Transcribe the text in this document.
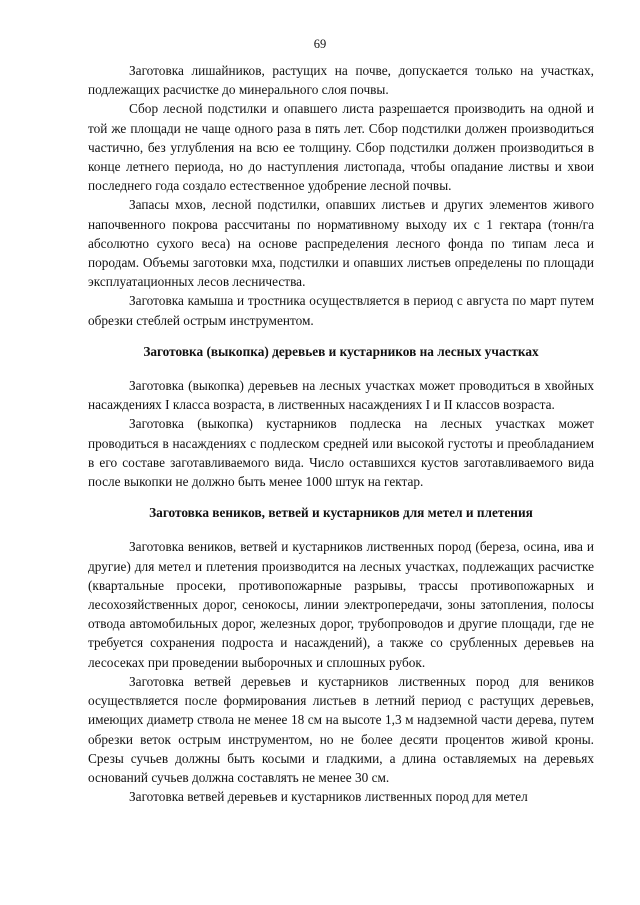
69

Заготовка лишайников, растущих на почве, допускается только на участках, подлежащих расчистке до минерального слоя почвы.

Сбор лесной подстилки и опавшего листа разрешается производить на одной и той же площади не чаще одного раза в пять лет. Сбор подстилки должен производиться частично, без углубления на всю ее толщину. Сбор подстилки должен производиться в конце летнего периода, но до наступления листопада, чтобы опадание листвы и хвои последнего года создало естественное удобрение лесной почвы.

Запасы мхов, лесной подстилки, опавших листьев и других элементов живого напочвенного покрова рассчитаны по нормативному выходу их с 1 гектара (тонн/га абсолютно сухого веса) на основе распределения лесного фонда по типам леса и породам. Объемы заготовки мха, подстилки и опавших листьев определены по площади эксплуатационных лесов лесничества.

Заготовка камыша и тростника осуществляется в период с августа по март путем обрезки стеблей острым инструментом.

Заготовка (выкопка) деревьев и кустарников на лесных участках

Заготовка (выкопка) деревьев на лесных участках может проводиться в хвойных насаждениях I класса возраста, в лиственных насаждениях I и II классов возраста.

Заготовка (выкопка) кустарников подлеска на лесных участках может проводиться в насаждениях с подлеском средней или высокой густоты и преобладанием в его составе заготавливаемого вида. Число оставшихся кустов заготавливаемого вида после выкопки не должно быть менее 1000 штук на гектар.

Заготовка веников, ветвей и кустарников для метел и плетения

Заготовка веников, ветвей и кустарников лиственных пород (береза, осина, ива и другие) для метел и плетения производится на лесных участках, подлежащих расчистке (квартальные просеки, противопожарные разрывы, трассы противопожарных и лесохозяйственных дорог, сенокосы, линии электропередачи, зоны затопления, полосы отвода автомобильных дорог, железных дорог, трубопроводов и другие площади, где не требуется сохранения подроста и насаждений), а также со срубленных деревьев на лесосеках при проведении выборочных и сплошных рубок.

Заготовка ветвей деревьев и кустарников лиственных пород для веников осуществляется после формирования листьев в летний период с растущих деревьев, имеющих диаметр ствола не менее 18 см на высоте 1,3 м надземной части дерева, путем обрезки веток острым инструментом, но не более десяти процентов живой кроны. Срезы сучьев должны быть косыми и гладкими, а длина оставляемых на деревьях оснований сучьев должна составлять не менее 30 см.

Заготовка ветвей деревьев и кустарников лиственных пород для метел
